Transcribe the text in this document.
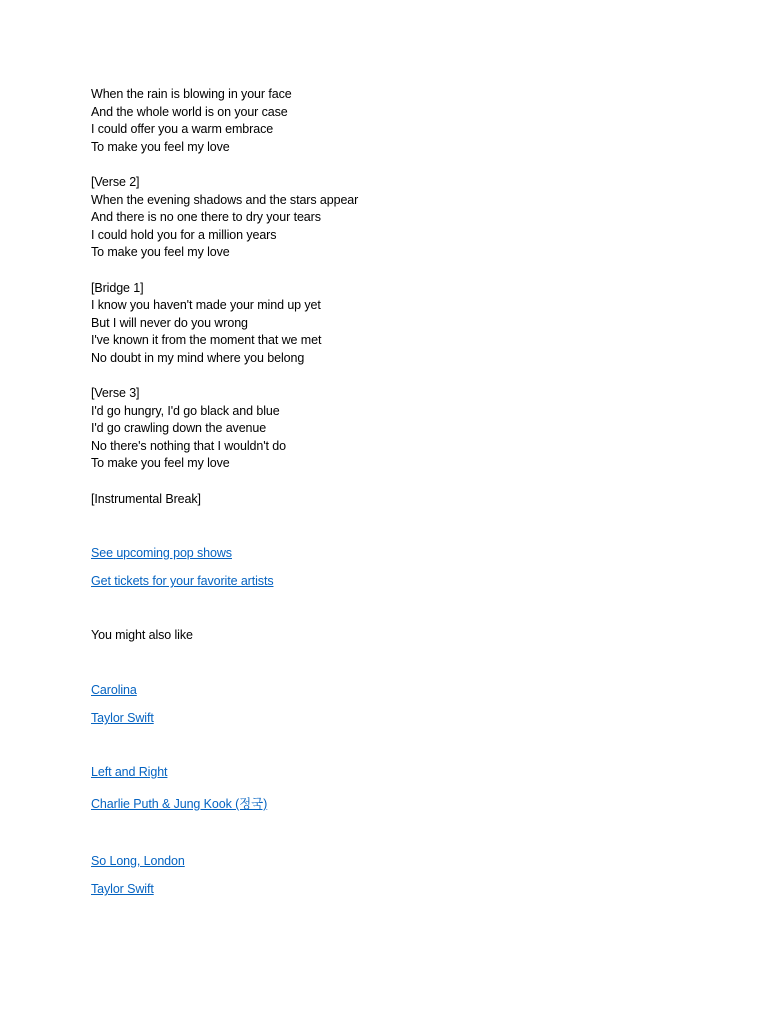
When the rain is blowing in your face
And the whole world is on your case
I could offer you a warm embrace
To make you feel my love
[Verse 2]
When the evening shadows and the stars appear
And there is no one there to dry your tears
I could hold you for a million years
To make you feel my love
[Bridge 1]
I know you haven't made your mind up yet
But I will never do you wrong
I've known it from the moment that we met
No doubt in my mind where you belong
[Verse 3]
I'd go hungry, I'd go black and blue
I'd go crawling down the avenue
No there's nothing that I wouldn't do
To make you feel my love
[Instrumental Break]
See upcoming pop shows
Get tickets for your favorite artists
You might also like
Carolina
Taylor Swift
Left and Right
Charlie Puth & Jung Kook (정국)
So Long, London
Taylor Swift
